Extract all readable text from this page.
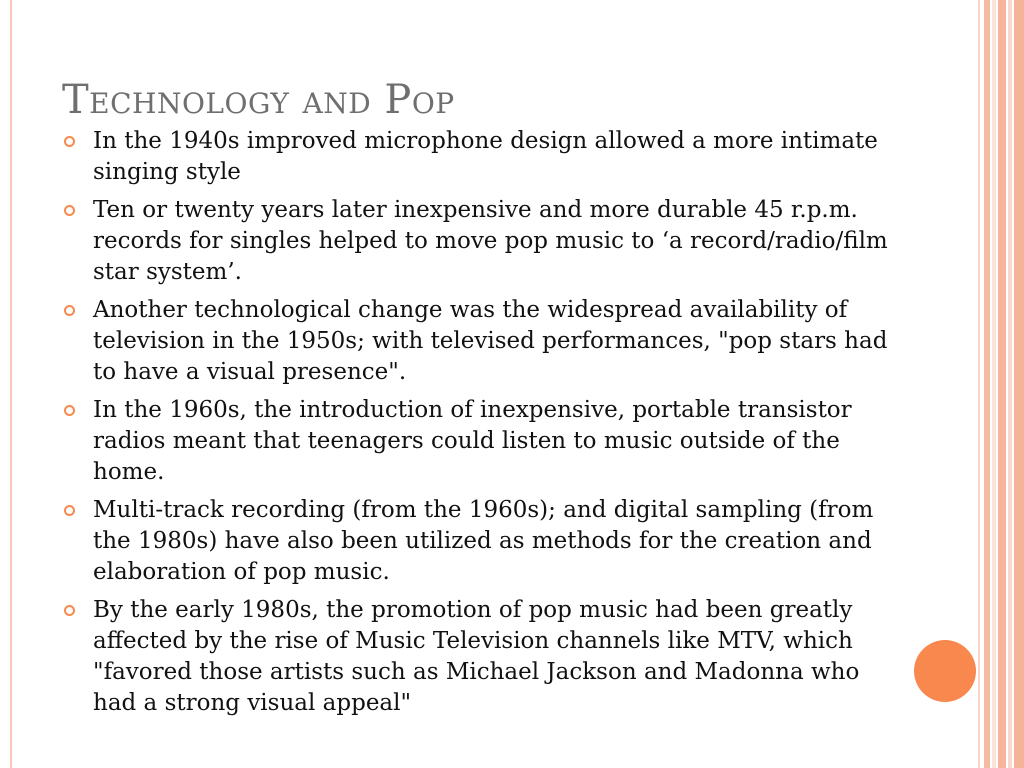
Technology and Pop
In the 1940s improved microphone design allowed a more intimate singing style
Ten or twenty years later inexpensive and more durable 45 r.p.m. records for singles helped to move pop music to ‘a record/radio/film star system’.
Another technological change was the widespread availability of television in the 1950s; with televised performances, "pop stars had to have a visual presence".
In the 1960s, the introduction of inexpensive, portable transistor radios meant that teenagers could listen to music outside of the home.
Multi-track recording (from the 1960s); and digital sampling (from the 1980s) have also been utilized as methods for the creation and elaboration of pop music.
By the early 1980s, the promotion of pop music had been greatly affected by the rise of Music Television channels like MTV, which "favored those artists such as Michael Jackson and Madonna who had a strong visual appeal"
